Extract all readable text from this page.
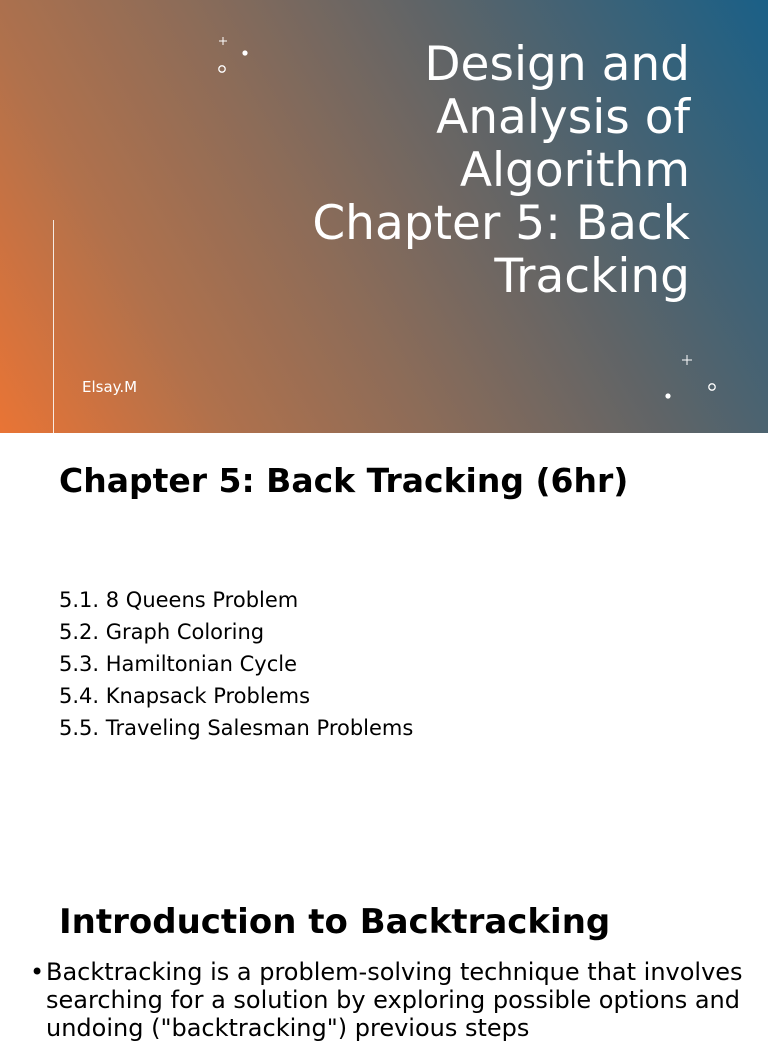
Design and
Analysis of
Algorithm
Chapter 5: Back
Tracking
Elsay.M
Chapter 5: Back Tracking (6hr)
5.1. 8 Queens Problem
5.2. Graph Coloring
5.3. Hamiltonian Cycle
5.4. Knapsack Problems
5.5. Traveling Salesman Problems
Introduction to Backtracking
• Backtracking is a problem-solving technique that involves searching for a solution by exploring possible options and undoing ("backtracking") previous steps
